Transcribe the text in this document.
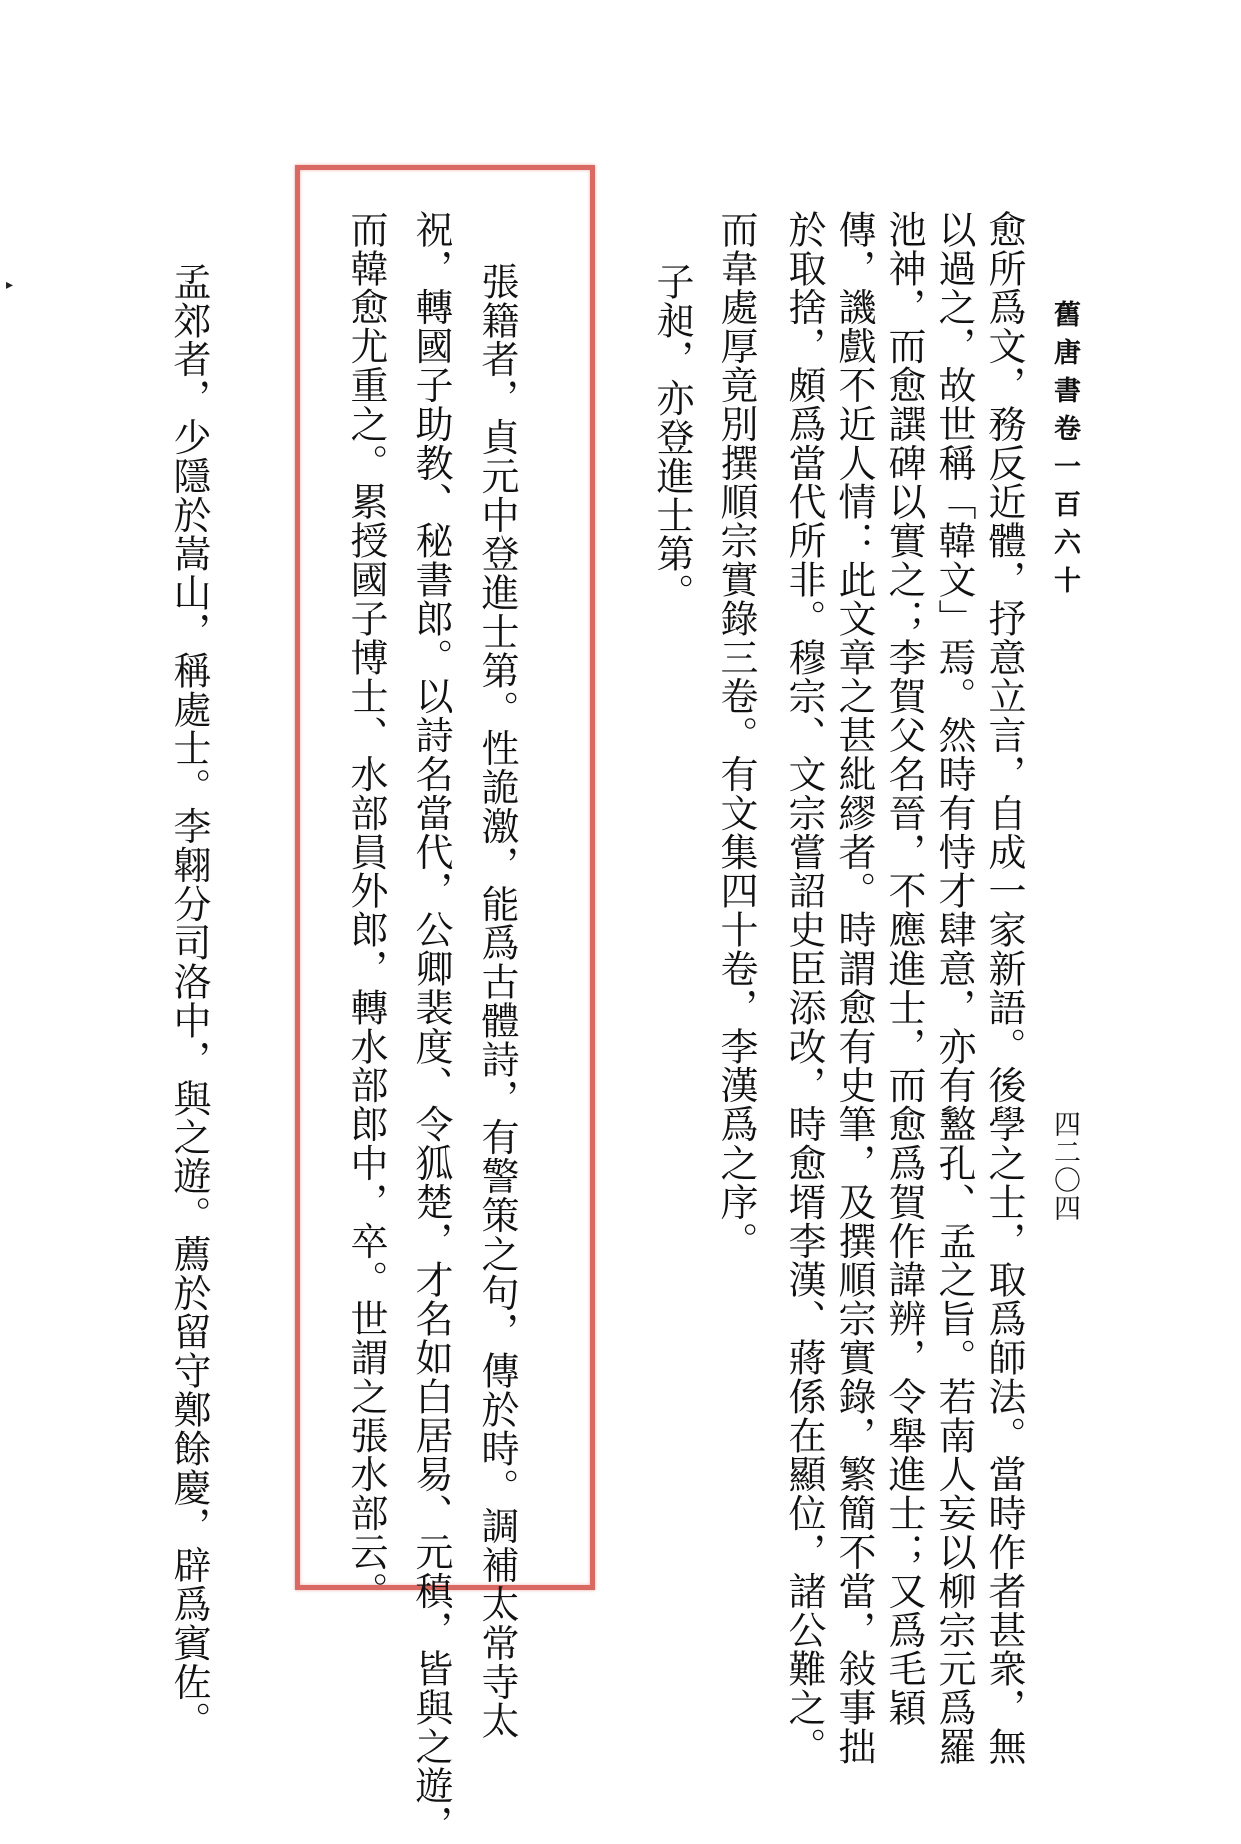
舊唐書卷一百六十
四二〇四
愈所爲文，務反近體，抒意立言，自成一家新語。後學之士，取爲師法。當時作者甚衆，無
以過之，故世稱「韓文」焉。然時有恃才肆意，亦有盭孔、孟之旨。若南人妄以柳宗元爲羅
池神，而愈譔碑以實之；李賀父名晉，不應進士，而愈爲賀作諱辨，令舉進士；又爲毛穎
傳，譏戲不近人情：此文章之甚紕繆者。時謂愈有史筆，及撰順宗實錄，繁簡不當，敍事拙
於取捨，頗爲當代所非。穆宗、文宗嘗詔史臣添改，時愈壻李漢、蔣係在顯位，諸公難之。
而韋處厚竟別撰順宗實錄三卷。有文集四十卷，李漢爲之序。
子昶，亦登進士第。
張籍者，貞元中登進士第。性詭激，能爲古體詩，有警策之句，傳於時。調補太常寺太
祝，轉國子助教、秘書郎。以詩名當代，公卿裴度、令狐楚，才名如白居易、元稹，皆與之遊，
而韓愈尤重之。累授國子博士、水部員外郎，轉水部郎中，卒。世謂之張水部云。
孟郊者，少隱於嵩山，稱處士。李翺分司洛中，與之遊。薦於留守鄭餘慶，辟爲賓佐。
▸
